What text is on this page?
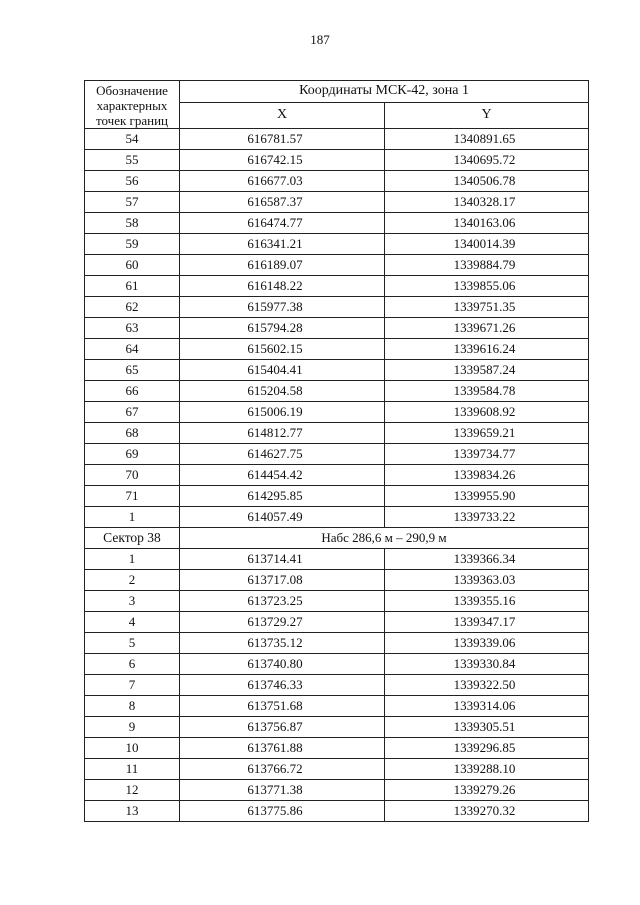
187
Обозначение
характерных
точек границ	Координаты МСК-42, зона 1	
	X	Y
54	616781.57	1340891.65
55	616742.15	1340695.72
56	616677.03	1340506.78
57	616587.37	1340328.17
58	616474.77	1340163.06
59	616341.21	1340014.39
60	616189.07	1339884.79
61	616148.22	1339855.06
62	615977.38	1339751.35
63	615794.28	1339671.26
64	615602.15	1339616.24
65	615404.41	1339587.24
66	615204.58	1339584.78
67	615006.19	1339608.92
68	614812.77	1339659.21
69	614627.75	1339734.77
70	614454.42	1339834.26
71	614295.85	1339955.90
1	614057.49	1339733.22
Сектор 38	Набс 286,6 м – 290,9 м	
1	613714.41	1339366.34
2	613717.08	1339363.03
3	613723.25	1339355.16
4	613729.27	1339347.17
5	613735.12	1339339.06
6	613740.80	1339330.84
7	613746.33	1339322.50
8	613751.68	1339314.06
9	613756.87	1339305.51
10	613761.88	1339296.85
11	613766.72	1339288.10
12	613771.38	1339279.26
13	613775.86	1339270.32
